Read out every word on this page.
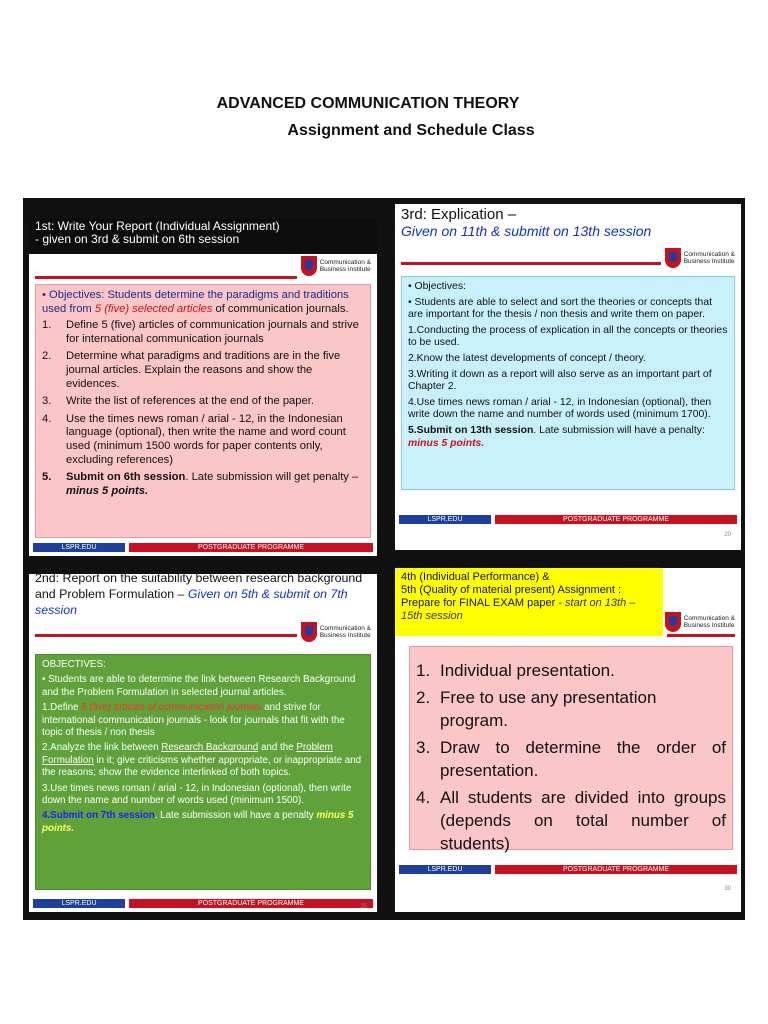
ADVANCED COMMUNICATION THEORY
Assignment and Schedule Class
1st: Write Your Report (Individual Assignment)
- given on 3rd & submit on 6th session
Communication &
Business Institute

• Objectives: Students determine the paradigms and traditions used from 5 (five) selected articles of communication journals.

1.	Define 5 (five) articles of communication journals and strive for international communication journals
2.	Determine what paradigms and traditions are in the five journal articles. Explain the reasons and show the evidences.
3.	Write the list of references at the end of the paper.
4.	Use the times news roman / arial - 12, in the Indonesian language (optional), then write the name and word count used (minimum 1500 words for paper contents only, excluding references)
5.	Submit on 6th session. Late submission will get penalty –
minus 5 points.
LSPR.EDU	POSTGRADUATE PROGRAMME
3rd: Explication –
Given on 11th & submitt on 13th session
Communication &
Business Institute

• Objectives:

• Students are able to select and sort the theories or concepts that are important for the thesis / non thesis and write them on paper.

1.Conducting the process of explication in all the concepts or theories to be used.

2.Know the latest developments of concept / theory.

3.Writing it down as a report will also serve as an important part of Chapter 2.

4.Use times news roman / arial - 12, in Indonesian (optional), then write down the name and number of words used (minimum 1700).

5.Submit on 13th session. Late submission will have a penalty: minus 5 points.

LSPR.EDU	POSTGRADUATE PROGRAMME
20
2nd: Report on the suitability between research background
and Problem Formulation – Given on 5th & submit on 7th session
Communication &
Business Institute

OBJECTIVES:

• Students are able to determine the link between Research Background and the Problem Formulation in selected journal articles.

1.Define 5 (five) articles of communication journals and strive for international communication journals - look for journals that fit with the topic of thesis / non thesis

2.Analyze the link between Research Background and the Problem Formulation in it; give criticisms whether appropriate, or inappropriate and the reasons; show the evidence interlinked of both topics.

3.Use times news roman / arial - 12, in Indonesian (optional), then write down the name and number of words used (minimum 1500).

4.Submit on 7th session. Late submission will have a penalty minus 5 points.

LSPR.EDU	POSTGRADUATE PROGRAMME	25
4th (Individual Performance) &
5th (Quality of material present) Assignment :
Prepare for FINAL EXAM paper - start on 13th – 15th session	Communication &
Business Institute
1. Individual presentation.
2. Free to use any presentation program.
3. Draw to determine the order of presentation.
4. All students are divided into groups (depends on total number of students)
LSPR.EDU	POSTGRADUATE PROGRAMME
30
